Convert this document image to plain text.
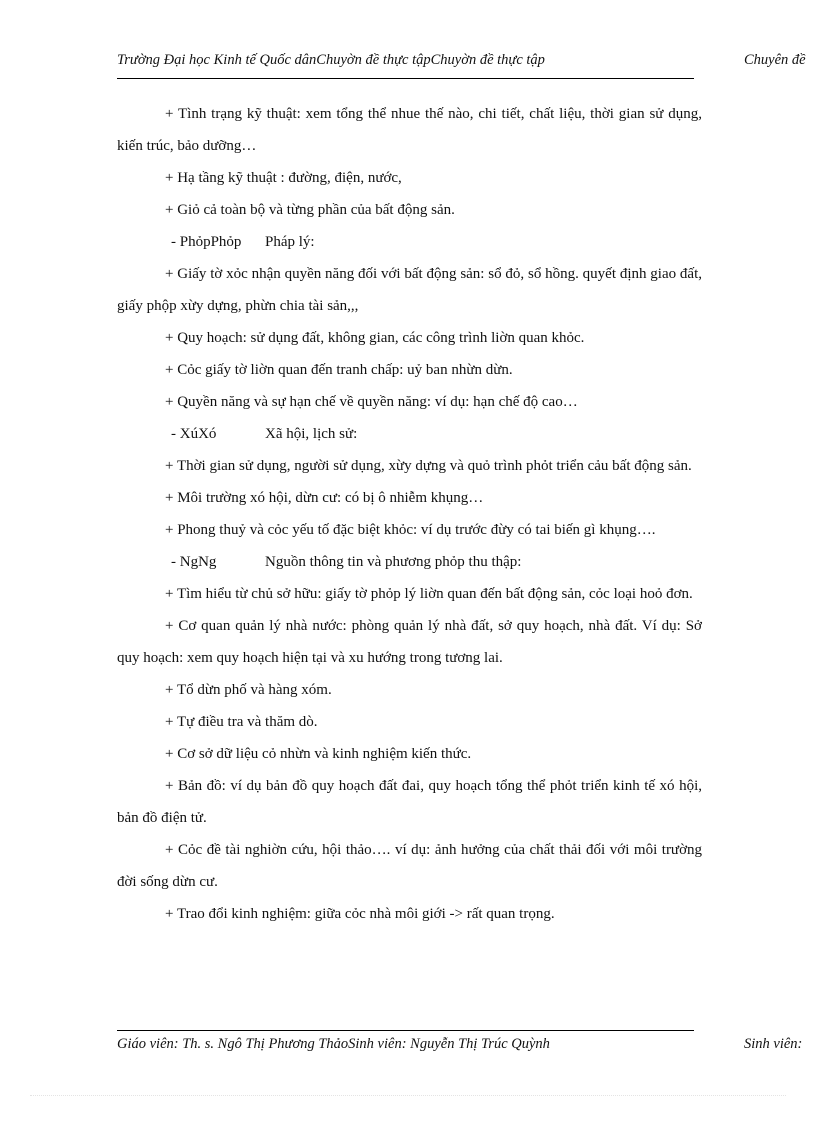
Trường Đại học Kinh tế Quốc dânChuyờn đề thực tậpChuyờn đề thực tập	Chuyên đề

+ Tình trạng kỹ thuật: xem tổng thể nhue thế nào, chi tiết, chất liệu, thời gian sử dụng, kiến trúc, bảo dưỡng…

+ Hạ tầng kỹ thuật : đường, điện, nước,

+ Giỏ cả toàn bộ và từng phần của bất động sản.

- PhỏpPhỏp Pháp lý:

+ Giấy tờ xỏc nhận quyền năng đối với bất động sản: sổ đỏ, sổ hồng. quyết định giao đất, giấy phộp xừy dựng, phừn chia tài sản,,,

+ Quy hoạch: sử dụng đất, không gian, các công trình liờn quan khỏc.

+ Cỏc giấy tờ liờn quan đến tranh chấp: uỷ ban nhừn dừn.

+ Quyền năng và sự hạn chế về quyền năng: ví dụ: hạn chế độ cao…

- XúXó	Xã hội, lịch sử:

+ Thời gian sử dụng, người sử dụng, xừy dựng và quỏ trình phỏt triển cảu bất động sản.

+ Môi trường xó hội, dừn cư: có bị ô nhiễm khụng…

+ Phong thuỷ và cỏc yếu tố đặc biệt khỏc: ví dụ trước đừy có tai biến gì khụng….

- NgNg	Nguồn thông tin và phương phỏp thu thập:

+ Tìm hiểu từ chủ sở hữu: giấy tờ phỏp lý liờn quan đến bất động sản, cỏc loại hoỏ đơn.

+ Cơ quan quản lý nhà nước: phòng quản lý nhà đất, sở quy hoạch, nhà đất. Ví dụ: Sở quy hoạch: xem quy hoạch hiện tại và xu hướng trong tương lai.

+ Tổ dừn phố và hàng xóm.

+ Tự điều tra và thăm dò.

+ Cơ sở dữ liệu cỏ nhừn và kinh nghiệm kiến thức.

+ Bản đồ: ví dụ bản đồ quy hoạch đất đai, quy hoạch tổng thể phỏt triển kinh tế xó hội, bản đồ điện tử.

+ Cỏc đề tài nghiờn cứu, hội thảo…. ví dụ: ảnh hưởng của chất thải đối với môi trường đời sống dừn cư.

+ Trao đổi kinh nghiệm: giữa cỏc nhà môi giới -> rất quan trọng.

Giáo viên: Th. s. Ngô Thị Phương ThảoSinh viên: Nguyễn Thị Trúc Quỳnh	Sinh viên:
